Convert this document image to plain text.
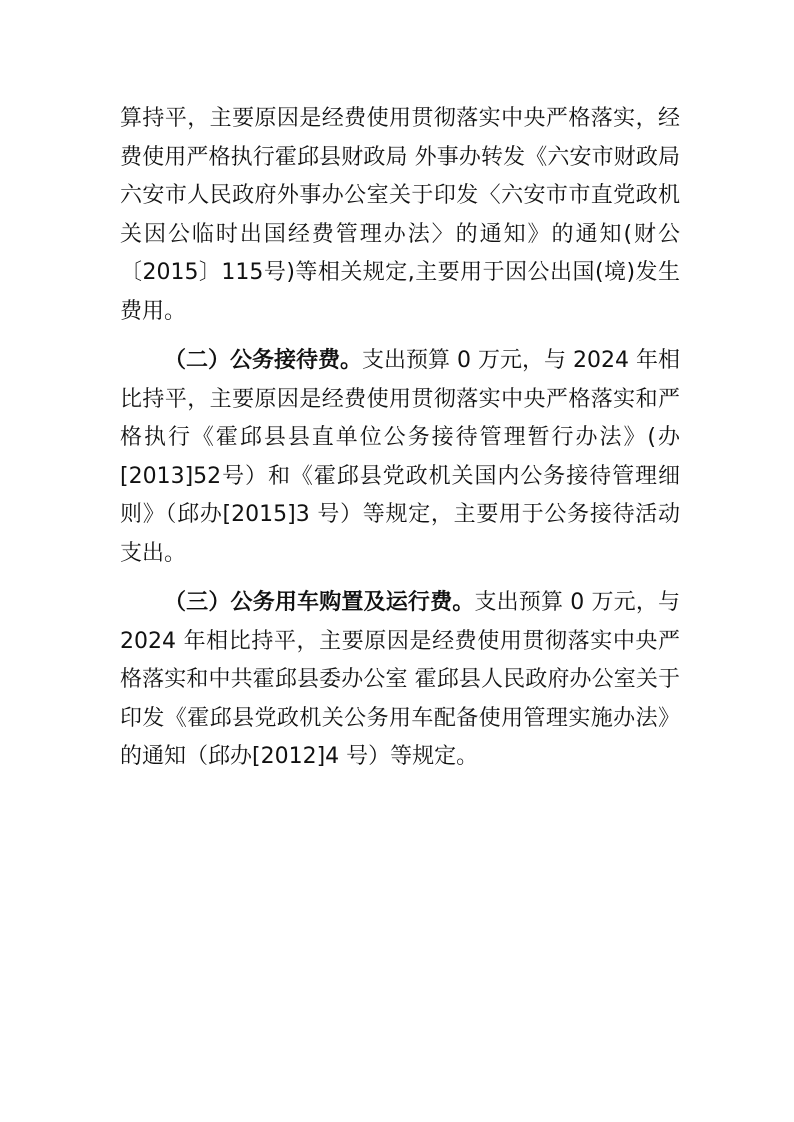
算持平，主要原因是经费使用贯彻落实中央严格落实，经费使用严格执行霍邱县财政局 外事办转发《六安市财政局六安市人民政府外事办公室关于印发〈六安市市直党政机关因公临时出国经费管理办法〉的通知》的通知(财公〔2015〕115号)等相关规定,主要用于因公出国(境)发生费用。

（二）公务接待费。支出预算 0 万元，与 2024 年相比持平，主要原因是经费使用贯彻落实中央严格落实和严格执行《霍邱县县直单位公务接待管理暂行办法》(办[2013]52号）和《霍邱县党政机关国内公务接待管理细则》（邱办[2015]3 号）等规定，主要用于公务接待活动支出。

（三）公务用车购置及运行费。支出预算 0 万元，与 2024 年相比持平，主要原因是经费使用贯彻落实中央严格落实和中共霍邱县委办公室 霍邱县人民政府办公室关于印发《霍邱县党政机关公务用车配备使用管理实施办法》的通知（邱办[2012]4 号）等规定。
